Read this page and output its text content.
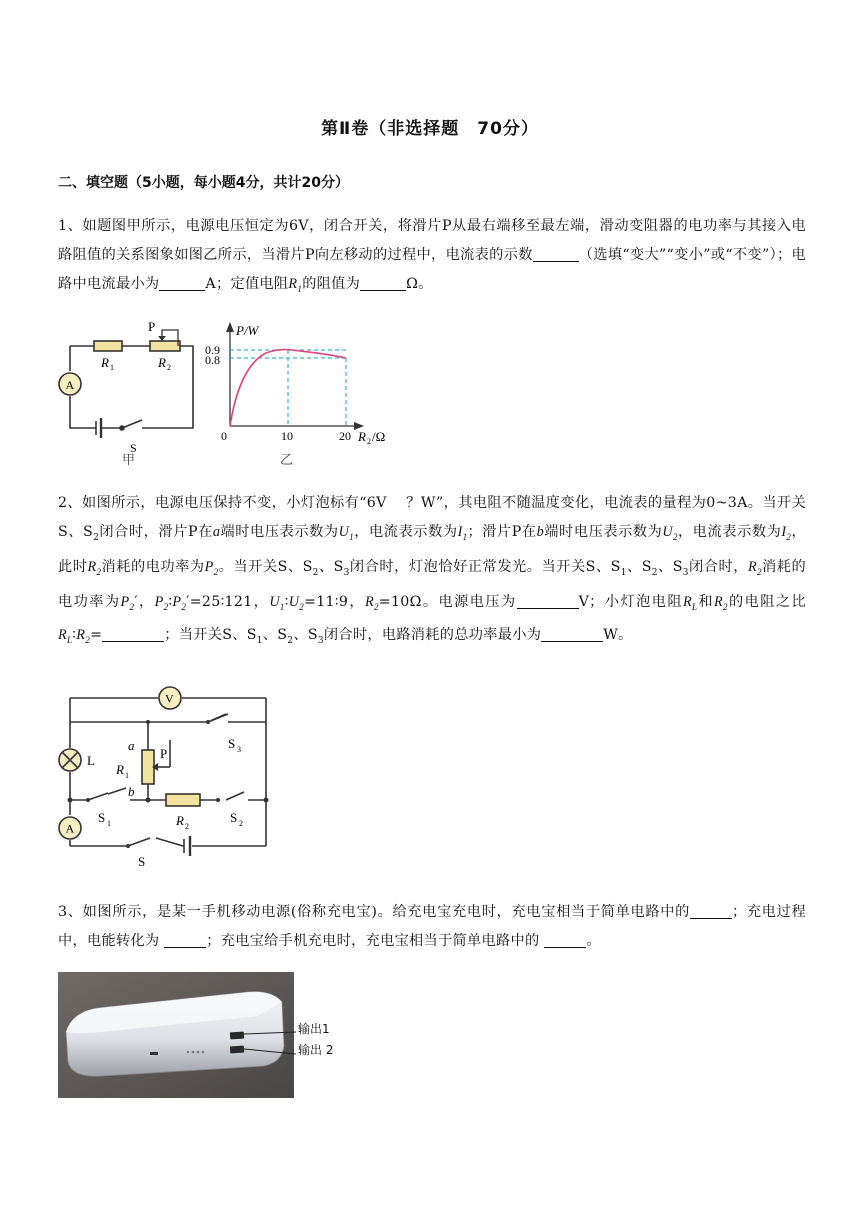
第Ⅱ卷（非选择题　70分）
二、填空题（5小题，每小题4分，共计20分）
1、如题图甲所示，电源电压恒定为6V，闭合开关，将滑片P从最右端移至最左端，滑动变阻器的电功率与其接入电路阻值的关系图象如图乙所示，当滑片P向左移动的过程中，电流表的示数	（选填“变大”“变小”或“不变”）；电路中电流最小为	A；定值电阻$R_1$的阻值为	Ω。
P
R 1	R 2
A
S
甲
P/W
0.9
0.8
0	10	20 R 2 /Ω
乙
2、如图所示，电源电压保持不变，小灯泡标有“6V　 ？W”，其电阻不随温度变化，电流表的量程为0~3A。当开关S、$S_2$闭合时，滑片P在a端时电压表示数为$U_1$，电流表示数为$I_1$；滑片P在b端时电压表示数为$U_2$，电流表示数为$I_2$，此时$R_2$消耗的电功率为$P_2$。当开关S、$S_2$、$S_3$闭合时，灯泡恰好正常发光。当开关S、$S_1$、$S_2$、$S_3$闭合时，$R_2$消耗的电功率为$P_2'$，$P_2∶P_2'=25∶121$，$U_1∶U_2=11∶9$，$R_2=10\Omega$。电源电压为	V；小灯泡电阻$R_L$和$R_2$的电阻之比$R_L∶R_2=$	；当开关S、$S_1$、$S_2$、$S_3$闭合时，电路消耗的总功率最小为	W。
V
A
L
a
b
P
R 1
R 2
S 1	S 2
S 3
S
3、如图所示，是某一手机移动电源(俗称充电宝)。给充电宝充电时，充电宝相当于简单电路中的	；充电过程中，电能转化为	；充电宝给手机充电时，充电宝相当于简单电路中的	。
输出1
输出 2
